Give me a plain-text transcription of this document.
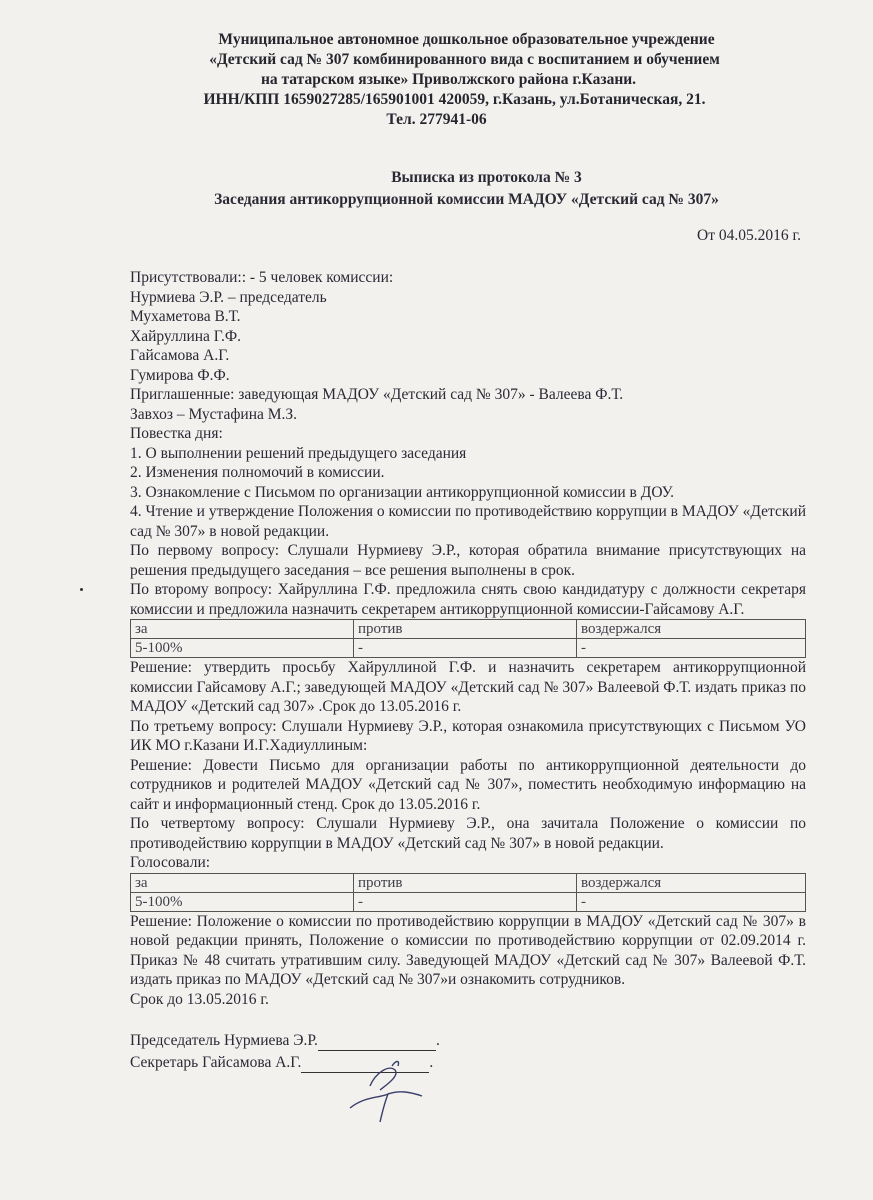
Муниципальное автономное дошкольное образовательное учреждение
«Детский сад № 307 комбинированного вида с воспитанием и обучением
на татарском языке» Приволжского района г.Казани.
ИНН/КПП 1659027285/165901001 420059, г.Казань, ул.Ботаническая, 21.
Тел. 277941-06
Выписка из протокола № 3
Заседания антикоррупционной комиссии МАДОУ «Детский сад № 307»
От 04.05.2016 г.

Присутствовали:: - 5 человек комиссии:

Нурмиева Э.Р. – председатель

Мухаметова В.Т.

Хайруллина Г.Ф.

Гайсамова А.Г.

Гумирова Ф.Ф.

Приглашенные: заведующая МАДОУ «Детский сад № 307» - Валеева Ф.Т.

Завхоз – Мустафина М.З.

Повестка дня:

1. О выполнении решений предыдущего заседания

2. Изменения полномочий в комиссии.

3. Ознакомление с Письмом по организации антикоррупционной комиссии в ДОУ.

4. Чтение и утверждение Положения о комиссии по противодействию коррупции в МАДОУ «Детский сад № 307» в новой редакции.

По первому вопросу: Слушали Нурмиеву Э.Р., которая обратила внимание присутствующих на решения предыдущего заседания – все решения выполнены в срок.

По второму вопросу: Хайруллина Г.Ф. предложила снять свою кандидатуру с должности секретаря комиссии и предложила назначить секретарем антикоррупционной комиссии-Гайсамову А.Г.

за	против	воздержался
5-100%	-	-

Решение: утвердить просьбу Хайруллиной Г.Ф. и назначить секретарем антикоррупционной комиссии Гайсамову А.Г.; заведующей МАДОУ «Детский сад № 307» Валеевой Ф.Т. издать приказ по МАДОУ «Детский сад 307» .Срок до 13.05.2016 г.

По третьему вопросу: Слушали Нурмиеву Э.Р., которая ознакомила присутствующих с Письмом УО ИК МО г.Казани И.Г.Хадиуллиным:

Решение: Довести Письмо для организации работы по антикоррупционной деятельности до сотрудников и родителей МАДОУ «Детский сад № 307», поместить необходимую информацию на сайт и информационный стенд. Срок до 13.05.2016 г.

По четвертому вопросу: Слушали Нурмиеву Э.Р., она зачитала Положение о комиссии по противодействию коррупции в МАДОУ «Детский сад № 307» в новой редакции.

Голосовали:

за	против	воздержался
5-100%	-	-

Решение: Положение о комиссии по противодействию коррупции в МАДОУ «Детский сад № 307» в новой редакции принять, Положение о комиссии по противодействию коррупции от 02.09.2014 г. Приказ № 48 считать утратившим силу. Заведующей МАДОУ «Детский сад № 307» Валеевой Ф.Т. издать приказ по МАДОУ «Детский сад № 307»и ознакомить сотрудников.

Срок до 13.05.2016 г.

Председатель Нурмиева Э.Р.	.
Секретарь Гайсамова А.Г.	.
